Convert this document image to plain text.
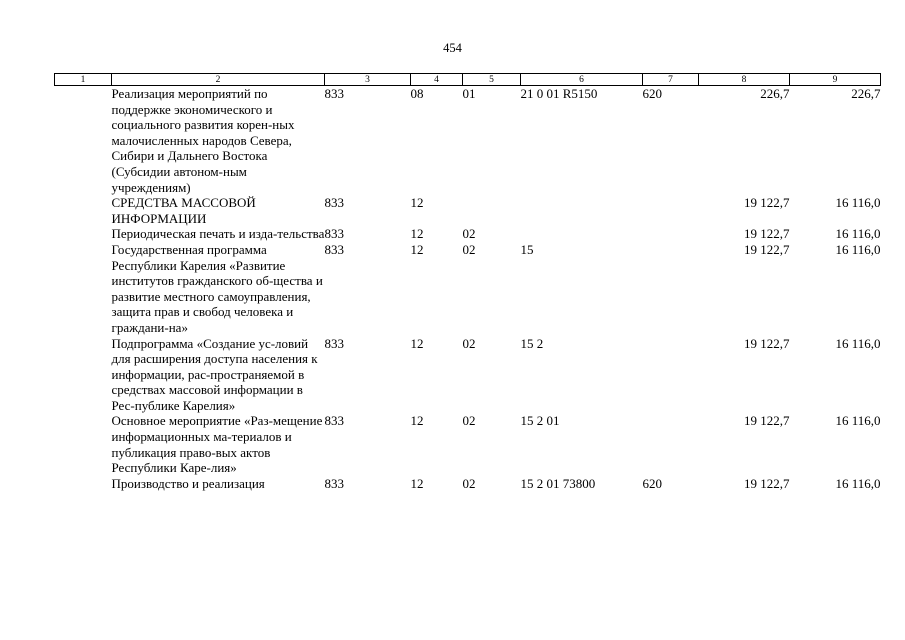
454
1	2	3	4	5	6	7	8	9
	Реализация мероприятий по поддержке экономического и социального развития корен-ных малочисленных народов Севера, Сибири и Дальнего Востока (Субсидии автоном-ным учреждениям)	833	08	01	21 0 01 R5150	620	226,7	226,7
	СРЕДСТВА МАССОВОЙ ИНФОРМАЦИИ	833	12				19 122,7	16 116,0
	Периодическая печать и изда-тельства	833	12	02			19 122,7	16 116,0
	Государственная программа Республики Карелия «Развитие институтов гражданского об-щества и развитие местного самоуправления, защита прав и свобод человека и граждани-на»	833	12	02	15		19 122,7	16 116,0
	Подпрограмма «Создание ус-ловий для расширения доступа населения к информации, рас-пространяемой в средствах массовой информации в Рес-публике Карелия»	833	12	02	15 2		19 122,7	16 116,0
	Основное мероприятие «Раз-мещение информационных ма-териалов и публикация право-вых актов Республики Каре-лия»	833	12	02	15 2 01		19 122,7	16 116,0
	Производство и реализация	833	12	02	15 2 01 73800	620	19 122,7	16 116,0
